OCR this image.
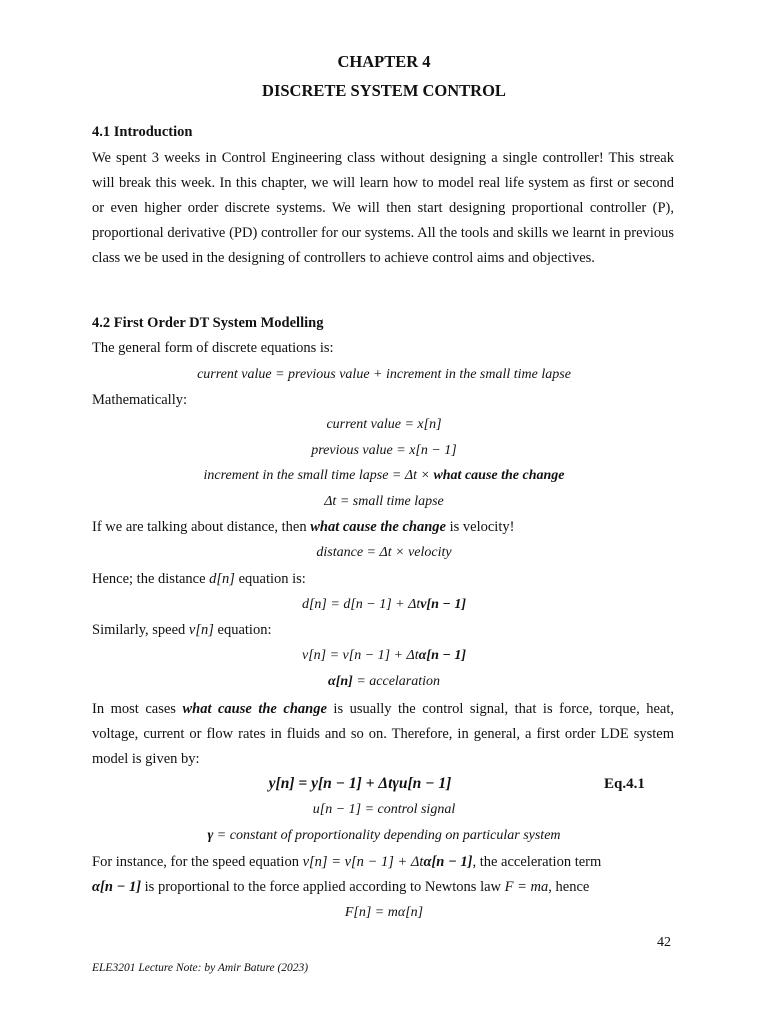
CHAPTER 4
DISCRETE SYSTEM CONTROL
4.1 Introduction
We spent 3 weeks in Control Engineering class without designing a single controller! This streak will break this week. In this chapter, we will learn how to model real life system as first or second or even higher order discrete systems. We will then start designing proportional controller (P), proportional derivative (PD) controller for our systems. All the tools and skills we learnt in previous class we be used in the designing of controllers to achieve control aims and objectives.
4.2 First Order DT System Modelling
The general form of discrete equations is:
current value = previous value + increment in the small time lapse
Mathematically:
current value = x[n]
previous value = x[n − 1]
increment in the small time lapse = Δt × what cause the change
Δt = small time lapse
If we are talking about distance, then what cause the change is velocity!
distance = Δt × velocity
Hence; the distance d[n] equation is:
d[n] = d[n − 1] + Δtv[n − 1]
Similarly, speed v[n] equation:
v[n] = v[n − 1] + Δtα[n − 1]
α[n] = accelaration
In most cases what cause the change is usually the control signal, that is force, torque, heat, voltage, current or flow rates in fluids and so on. Therefore, in general, a first order LDE system model is given by:
y[n] = y[n − 1] + Δtγu[n − 1]	Eq.4.1
u[n − 1] = control signal
γ = constant of proportionality depending on particular system
For instance, for the speed equation v[n] = v[n − 1] + Δtα[n − 1], the acceleration term
α[n − 1] is proportional to the force applied according to Newtons law F = ma, hence
F[n] = mα[n]
42
ELE3201 Lecture Note: by Amir Bature (2023)
